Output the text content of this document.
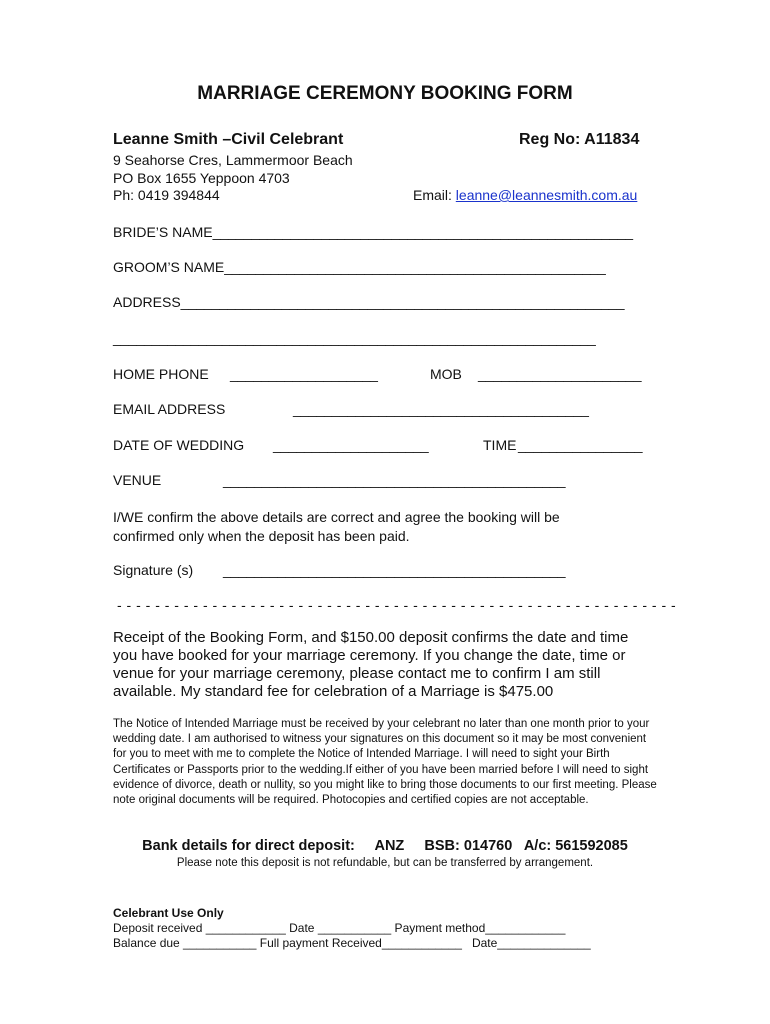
MARRIAGE CEREMONY BOOKING FORM
Leanne Smith –Civil Celebrant	Reg No: A11834
9 Seahorse Cres, Lammermoor Beach
PO Box 1655 Yeppoon 4703
Ph: 0419 394844	Email: leanne@leannesmith.com.au
BRIDE’S NAME______________________________________________________
GROOM’S NAME_________________________________________________
ADDRESS_________________________________________________________
______________________________________________________________
HOME PHONE ___________________	MOB _____________________
EMAIL ADDRESS	______________________________________
DATE OF WEDDING ____________________	TIME ________________
VENUE	____________________________________________
I/WE confirm the above details are correct and agree the booking will be confirmed only when the deposit has been paid.
Signature (s) ____________________________________________
- - - - - - - - - - - - - - - - - - - - - - - - - - - - - - - - - - - - - - - - - - - - - - - - - - - - - - - - - - -
Receipt of the Booking Form, and $150.00 deposit confirms the date and time you have booked for your marriage ceremony. If you change the date, time or venue for your marriage ceremony, please contact me to confirm I am still available. My standard fee for celebration of a Marriage is $475.00
The Notice of Intended Marriage must be received by your celebrant no later than one month prior to your wedding date. I am authorised to witness your signatures on this document so it may be most convenient for you to meet with me to complete the Notice of Intended Marriage. I will need to sight your Birth Certificates or Passports prior to the wedding.If either of you have been married before I will need to sight evidence of divorce, death or nullity, so you might like to bring those documents to our first meeting. Please note original documents will be required. Photocopies and certified copies are not acceptable.
Bank details for direct deposit:     ANZ     BSB: 014760   A/c: 561592085
Please note this deposit is not refundable, but can be transferred by arrangement.
Celebrant Use Only
Deposit received ____________ Date ___________ Payment method____________
Balance due ___________ Full payment Received____________   Date______________
